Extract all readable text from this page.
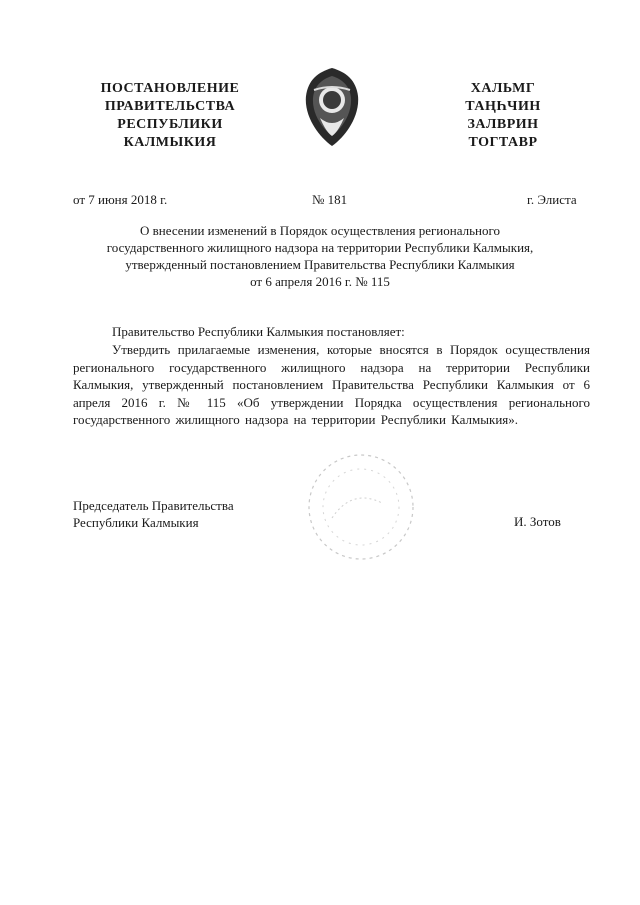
ПОСТАНОВЛЕНИЕ
ПРАВИТЕЛЬСТВА
РЕСПУБЛИКИ
КАЛМЫКИЯ
ХАЛЬМГ
ТАҢҺЧИН
ЗАЛВРИН
ТОГТАВР
от 7 июня 2018 г.	№ 181	г. Элиста
О внесении изменений в Порядок осуществления регионального
государственного жилищного надзора на территории Республики Калмыкия,
утвержденный постановлением Правительства Республики Калмыкия
от 6 апреля 2016 г. № 115
Правительство Республики Калмыкия постановляет:
Утвердить прилагаемые изменения, которые вносятся в Порядок осуществления регионального государственного жилищного надзора на территории Республики Калмыкия, утвержденный постановлением Правительства Республики Калмыкия от 6 апреля 2016 г. № 115 «Об утверждении Порядка осуществления регионального государственного жилищного надзора на территории Республики Калмыкия».
Председатель Правительства
Республики Калмыкия	И. Зотов
